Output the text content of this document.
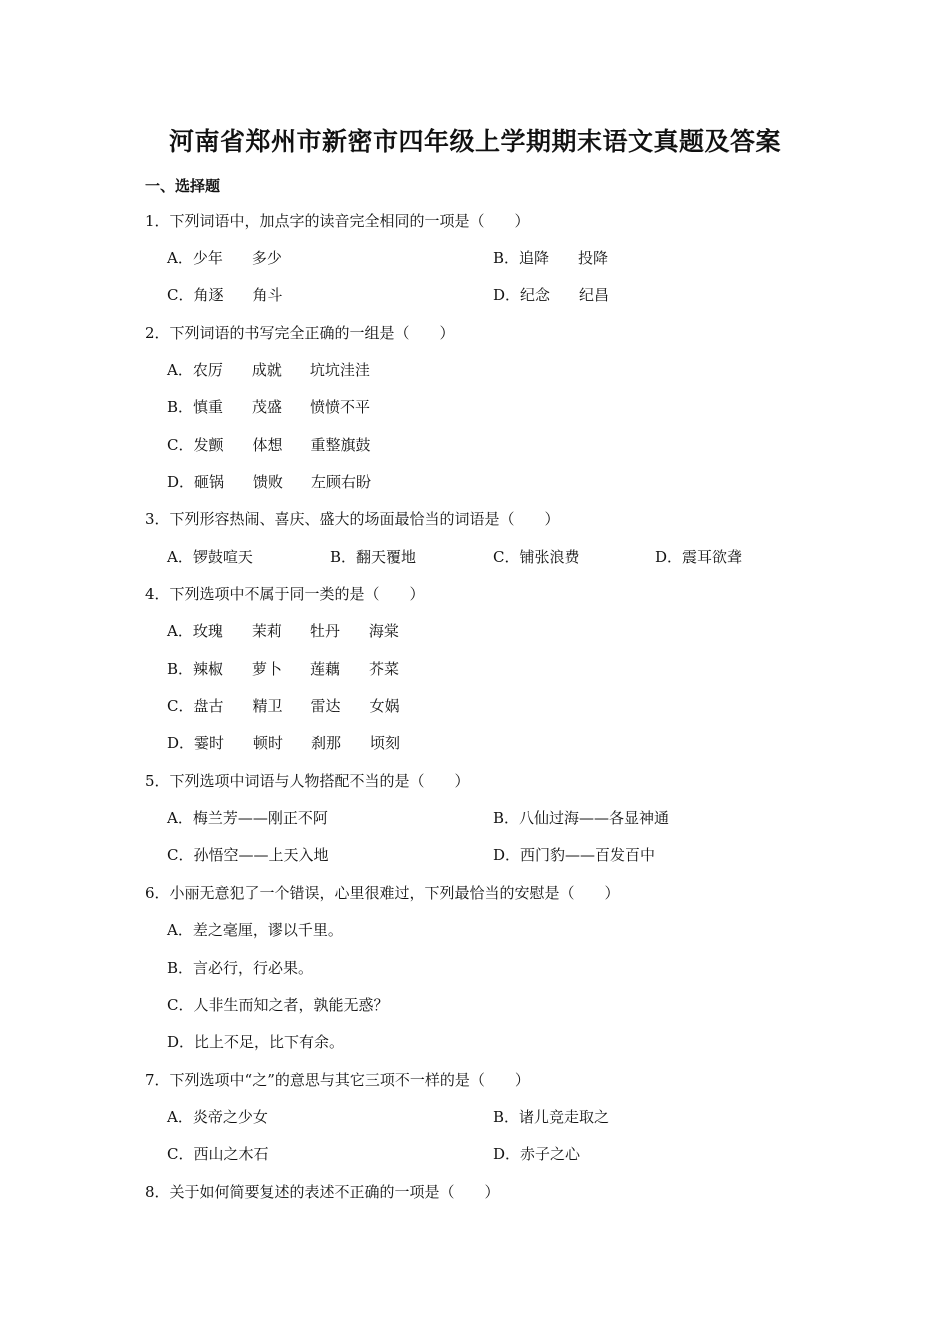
河南省郑州市新密市四年级上学期期末语文真题及答案
一、选择题
1．下列词语中，加点字的读音完全相同的一项是（　　）
A．少年 多少	B．追降 投降
C．角逐 角斗	D．纪念 纪昌
2．下列词语的书写完全正确的一组是（　　）
A．农厉 成就 坑坑洼洼
B．慎重 茂盛 愤愤不平
C．发颤 体想 重整旗鼓
D．砸锅 馈败 左顾右盼
3．下列形容热闹、喜庆、盛大的场面最恰当的词语是（　　）
A．锣鼓喧天	B．翻天覆地	C．铺张浪费	D．震耳欲聋
4．下列选项中不属于同一类的是（　　）
A．玫瑰 茉莉 牡丹 海棠
B．辣椒 萝卜 莲藕 芥菜
C．盘古 精卫 雷达 女娲
D．霎时 顿时 刹那 顷刻
5．下列选项中词语与人物搭配不当的是（　　）
A．梅兰芳——刚正不阿	B．八仙过海——各显神通
C．孙悟空——上天入地	D．西门豹——百发百中
6．小丽无意犯了一个错误，心里很难过，下列最恰当的安慰是（　　）
A．差之毫厘，谬以千里。
B．言必行，行必果。
C．人非生而知之者，孰能无惑？
D．比上不足，比下有余。
7．下列选项中“之”的意思与其它三项不一样的是（　　）
A．炎帝之少女	B．诸儿竞走取之
C．西山之木石	D．赤子之心
8．关于如何简要复述的表述不正确的一项是（　　）
